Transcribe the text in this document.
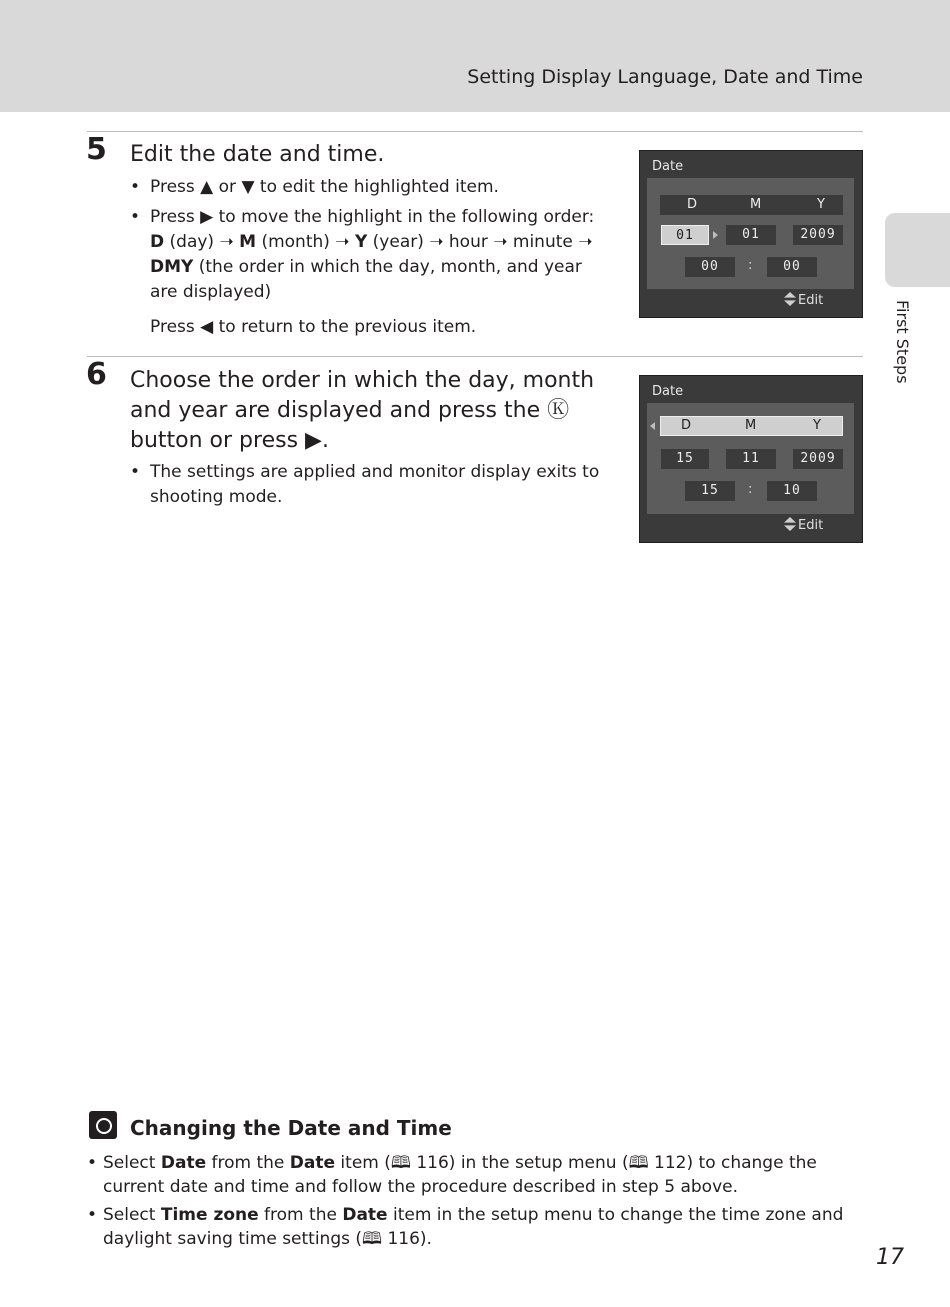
Setting Display Language, Date and Time
First Steps
5 Edit the date and time.
• Press ▲ or ▼ to edit the highlighted item.
• Press ▶ to move the highlight in the following order: D (day) ➝ M (month) ➝ Y (year) ➝ hour ➝ minute ➝ DMY (the order in which the day, month, and year are displayed)
Press ◀ to return to the previous item.
Date
D	M	Y
01	01	2009
00	:	00
Edit
6 Choose the order in which the day, month and year are displayed and press the Ⓚ button or press ▶.
• The settings are applied and monitor display exits to shooting mode.
Date
D	M	Y
15	11	2009
15	:	10
Edit
Changing the Date and Time
• Select Date from the Date item (🕮 116) in the setup menu (🕮 112) to change the current date and time and follow the procedure described in step 5 above.
• Select Time zone from the Date item in the setup menu to change the time zone and daylight saving time settings (🕮 116).
17
